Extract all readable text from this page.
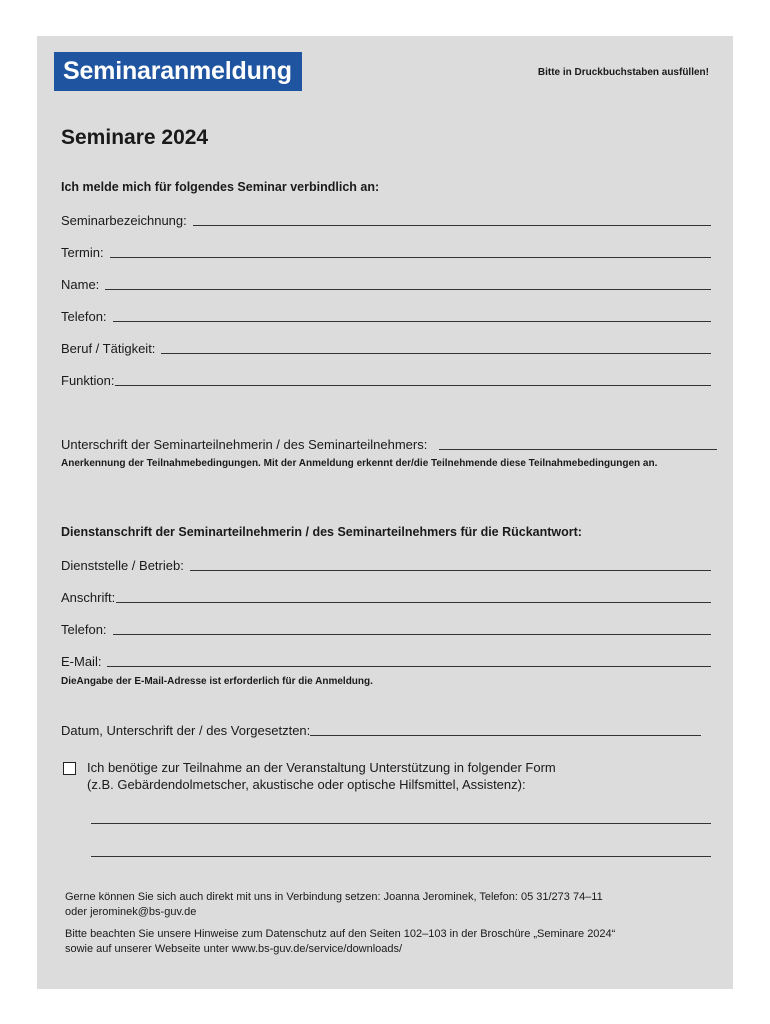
Seminaranmeldung	Bitte in Druckbuchstaben ausfüllen!
Seminare 2024
Ich melde mich für folgendes Seminar verbindlich an:
Seminarbezeichnung:
Termin:
Name:
Telefon:
Beruf / Tätigkeit:
Funktion:
Unterschrift der Seminarteilnehmerin / des Seminarteilnehmers:
Anerkennung der Teilnahmebedingungen. Mit der Anmeldung erkennt der/die Teilnehmende diese Teilnahmebedingungen an.
Dienstanschrift der Seminarteilnehmerin / des Seminarteilnehmers für die Rückantwort:
Dienststelle / Betrieb:
Anschrift:
Telefon:
E-Mail:
DieAngabe der E-Mail-Adresse ist erforderlich für die Anmeldung.
Datum, Unterschrift der / des Vorgesetzten:
Ich benötige zur Teilnahme an der Veranstaltung Unterstützung in folgender Form
(z.B. Gebärdendolmetscher, akustische oder optische Hilfsmittel, Assistenz):
Gerne können Sie sich auch direkt mit uns in Verbindung setzen: Joanna Jerominek, Telefon: 05 31/273 74–11
oder jerominek@bs-guv.de
Bitte beachten Sie unsere Hinweise zum Datenschutz auf den Seiten 102–103 in der Broschüre „Seminare 2024“
sowie auf unserer Webseite unter www.bs-guv.de/service/downloads/
